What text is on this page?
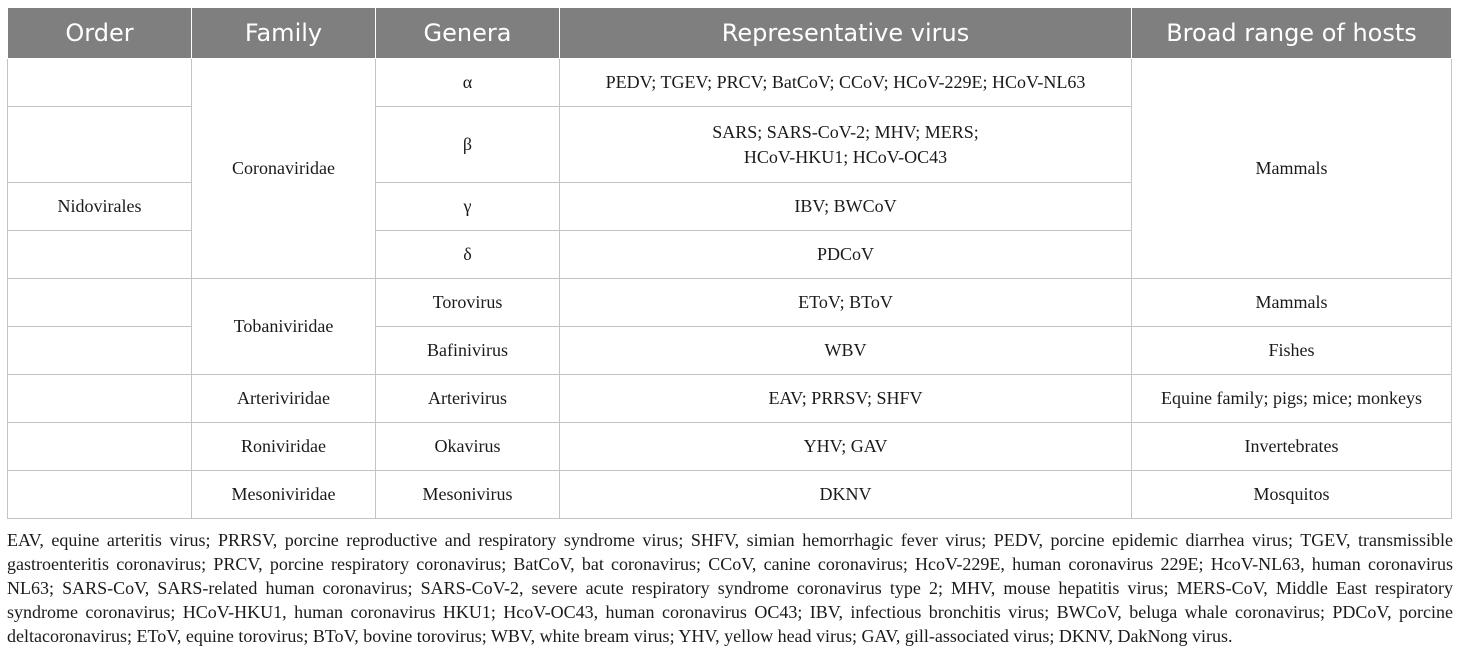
Order	Family	Genera	Representative virus	Broad range of hosts
	Coronaviridae	α	PEDV; TGEV; PRCV; BatCoV; CCoV; HCoV-229E; HCoV-NL63	Mammals
		β	SARS; SARS-CoV-2; MHV; MERS;
HCoV-HKU1; HCoV-OC43	

Nidovirales		γ	IBV; BWCoV	
		δ	PDCoV	
	Tobaniviridae	Torovirus	EToV; BToV	Mammals
		Bafinivirus	WBV	Fishes
	Arteriviridae	Arterivirus	EAV; PRRSV; SHFV	Equine family; pigs; mice; monkeys
	Roniviridae	Okavirus	YHV; GAV	Invertebrates
	Mesoniviridae	Mesonivirus	DKNV	Mosquitos
EAV, equine arteritis virus; PRRSV, porcine reproductive and respiratory syndrome virus; SHFV, simian hemorrhagic fever virus; PEDV, porcine epidemic diarrhea virus; TGEV, transmissible gastroenteritis coronavirus; PRCV, porcine respiratory coronavirus; BatCoV, bat coronavirus; CCoV, canine coronavirus; HcoV-229E, human coronavirus 229E; HcoV-NL63, human coronavirus NL63; SARS-CoV, SARS-related human coronavirus; SARS-CoV-2, severe acute respiratory syndrome coronavirus type 2; MHV, mouse hepatitis virus; MERS-CoV, Middle East respiratory syndrome coronavirus; HCoV-HKU1, human coronavirus HKU1; HcoV-OC43, human coronavirus OC43; IBV, infectious bronchitis virus; BWCoV, beluga whale coronavirus; PDCoV, porcine deltacoronavirus; EToV, equine torovirus; BToV, bovine torovirus; WBV, white bream virus; YHV, yellow head virus; GAV, gill-associated virus; DKNV, DakNong virus.
